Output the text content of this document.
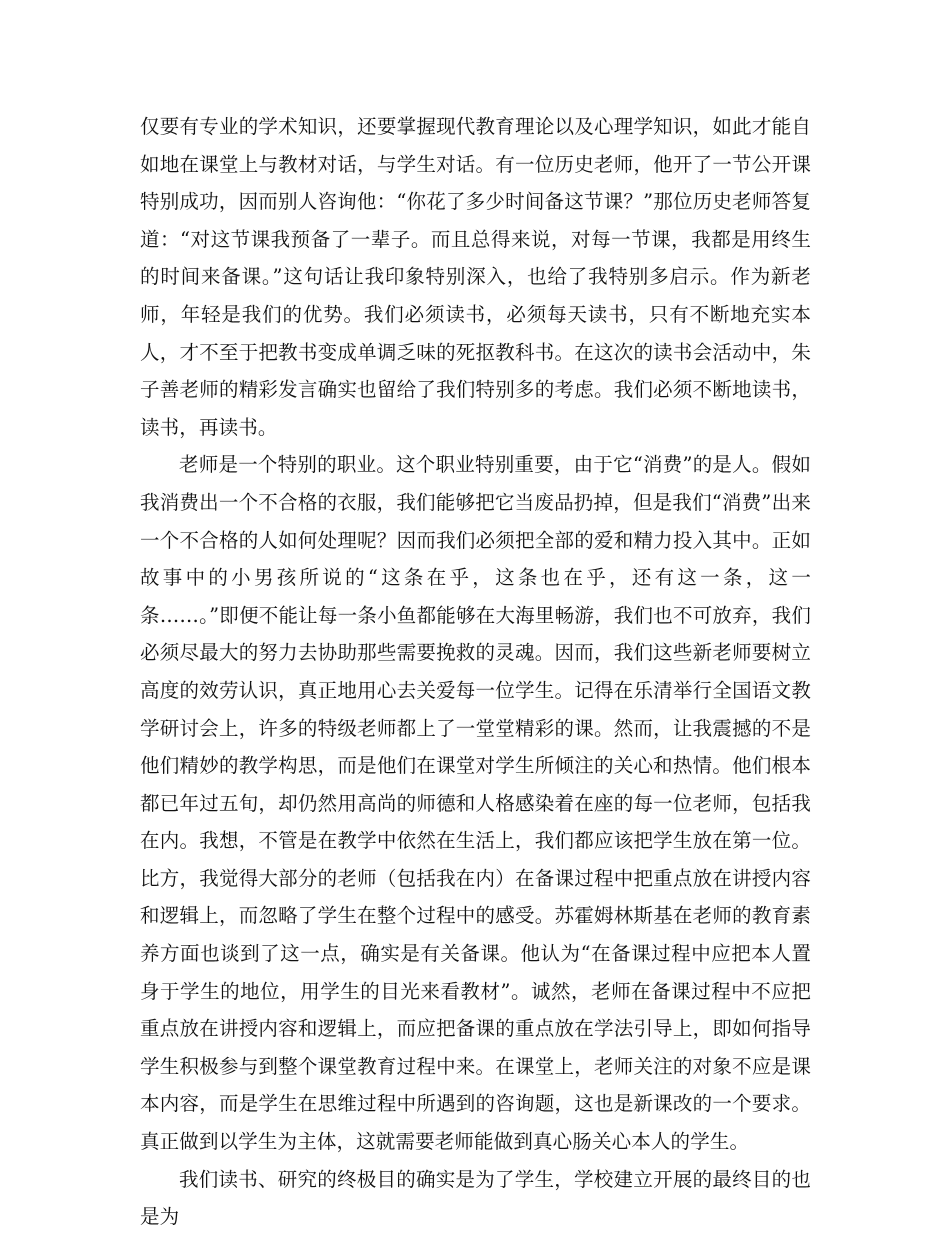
仅要有专业的学术知识，还要掌握现代教育理论以及心理学知识，如此才能自如地在课堂上与教材对话，与学生对话。有一位历史老师，他开了一节公开课特别成功，因而别人咨询他：“你花了多少时间备这节课？”那位历史老师答复道：“对这节课我预备了一辈子。而且总得来说，对每一节课，我都是用终生的时间来备课。”这句话让我印象特别深入，也给了我特别多启示。作为新老师，年轻是我们的优势。我们必须读书，必须每天读书，只有不断地充实本人，才不至于把教书变成单调乏味的死抠教科书。在这次的读书会活动中，朱子善老师的精彩发言确实也留给了我们特别多的考虑。我们必须不断地读书，读书，再读书。

老师是一个特别的职业。这个职业特别重要，由于它“消费”的是人。假如我消费出一个不合格的衣服，我们能够把它当废品扔掉，但是我们“消费”出来一个不合格的人如何处理呢？因而我们必须把全部的爱和精力投入其中。正如故事中的小男孩所说的“这条在乎，这条也在乎，还有这一条，这一条……。”即便不能让每一条小鱼都能够在大海里畅游，我们也不可放弃，我们必须尽最大的努力去协助那些需要挽救的灵魂。因而，我们这些新老师要树立高度的效劳认识，真正地用心去关爱每一位学生。记得在乐清举行全国语文教学研讨会上，许多的特级老师都上了一堂堂精彩的课。然而，让我震撼的不是他们精妙的教学构思，而是他们在课堂对学生所倾注的关心和热情。他们根本都已年过五旬，却仍然用高尚的师德和人格感染着在座的每一位老师，包括我在内。我想，不管是在教学中依然在生活上，我们都应该把学生放在第一位。比方，我觉得大部分的老师（包括我在内）在备课过程中把重点放在讲授内容和逻辑上，而忽略了学生在整个过程中的感受。苏霍姆林斯基在老师的教育素养方面也谈到了这一点，确实是有关备课。他认为“在备课过程中应把本人置身于学生的地位，用学生的目光来看教材”。诚然，老师在备课过程中不应把重点放在讲授内容和逻辑上，而应把备课的重点放在学法引导上，即如何指导学生积极参与到整个课堂教育过程中来。在课堂上，老师关注的对象不应是课本内容，而是学生在思维过程中所遇到的咨询题，这也是新课改的一个要求。真正做到以学生为主体，这就需要老师能做到真心肠关心本人的学生。

我们读书、研究的终极目的确实是为了学生，学校建立开展的最终目的也是为
